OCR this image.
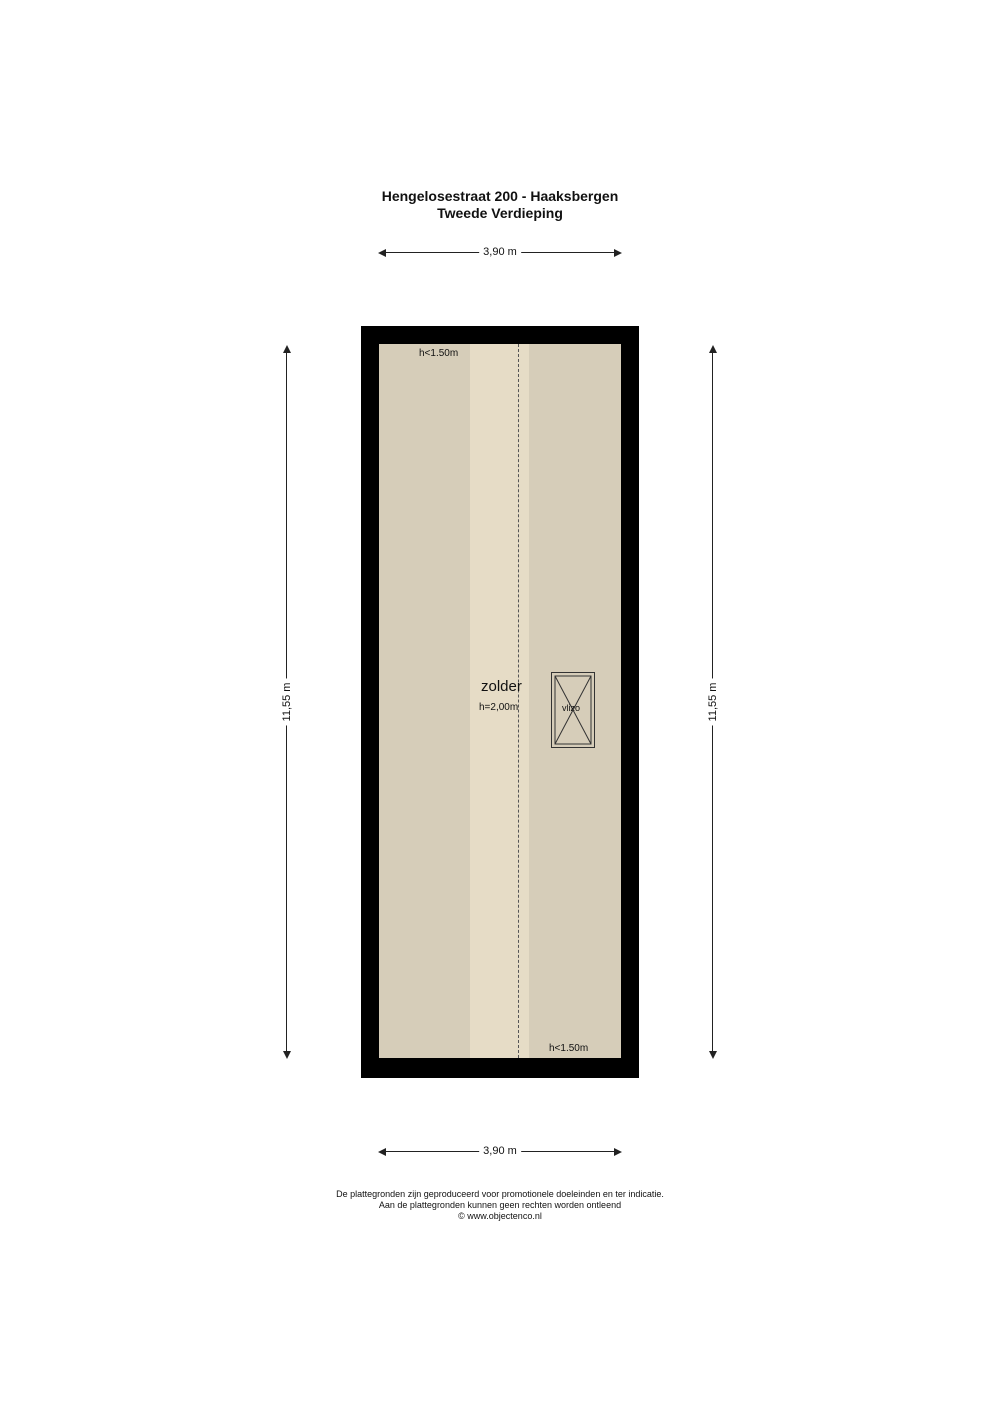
Hengelosestraat 200 - Haaksbergen
Tweede Verdieping
3,90 m
11,55 m	11,55 m
h<1.50m
h<1.50m
zolder
h=2,00m	vlizo
3,90 m
De plattegronden zijn geproduceerd voor promotionele doeleinden en ter indicatie.
Aan de plattegronden kunnen geen rechten worden ontleend
© www.objectenco.nl
